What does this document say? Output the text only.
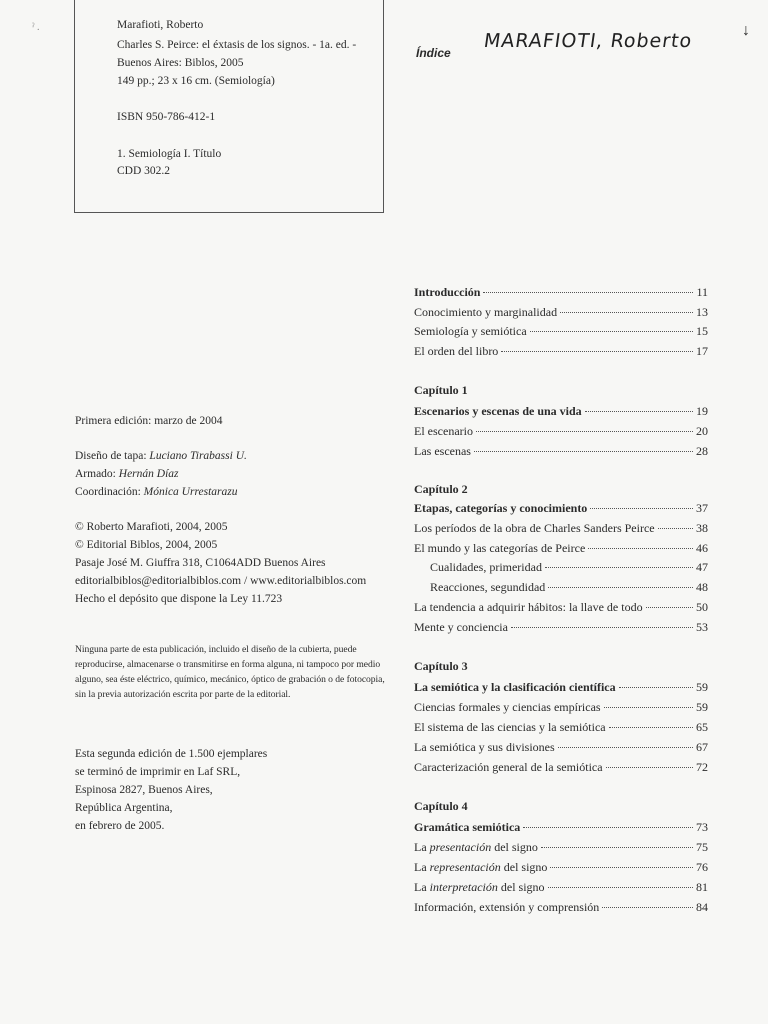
ˀ .	Marafioti, Roberto
Charles S. Peirce: el éxtasis de los signos. - 1a. ed. -
Buenos Aires: Biblos, 2005
149 pp.; 23 x 16 cm. (Semiología)
ISBN 950-786-412-1
1. Semiología I. Título
CDD 302.2
Primera edición: marzo de 2004
Diseño de tapa: Luciano Tirabassi U.
Armado: Hernán Díaz
Coordinación: Mónica Urrestarazu
© Roberto Marafioti, 2004, 2005
© Editorial Biblos, 2004, 2005
Pasaje José M. Giuffra 318, C1064ADD Buenos Aires
editorialbiblos@editorialbiblos.com / www.editorialbiblos.com
Hecho el depósito que dispone la Ley 11.723
Ninguna parte de esta publicación, incluido el diseño de la cubierta, puede reproducirse, almacenarse o transmitirse en forma alguna, ni tampoco por medio alguno, sea éste eléctrico, químico, mecánico, óptico de grabación o de fotocopia, sin la previa autorización escrita por parte de la editorial.
Esta segunda edición de 1.500 ejemplares
se terminó de imprimir en Laf SRL,
Espinosa 2827, Buenos Aires,
República Argentina,
en febrero de 2005.
Índice
MARAFIOTI, Roberto	↓
Introducción	11
Conocimiento y marginalidad	13
Semiología y semiótica	15
El orden del libro	17
Capítulo 1
Escenarios y escenas de una vida	19
El escenario	20
Las escenas	28
Capítulo 2
Etapas, categorías y conocimiento	37
Los períodos de la obra de Charles Sanders Peirce	38
El mundo y las categorías de Peirce	46
Cualidades, primeridad	47
Reacciones, segundidad	48
La tendencia a adquirir hábitos: la llave de todo	50
Mente y conciencia	53
Capítulo 3
La semiótica y la clasificación científica	59
Ciencias formales y ciencias empíricas	59
El sistema de las ciencias y la semiótica	65
La semiótica y sus divisiones	67
Caracterización general de la semiótica	72
Capítulo 4
Gramática semiótica	73
La presentación del signo	75
La representación del signo	76
La interpretación del signo	81
Información, extensión y comprensión	84
